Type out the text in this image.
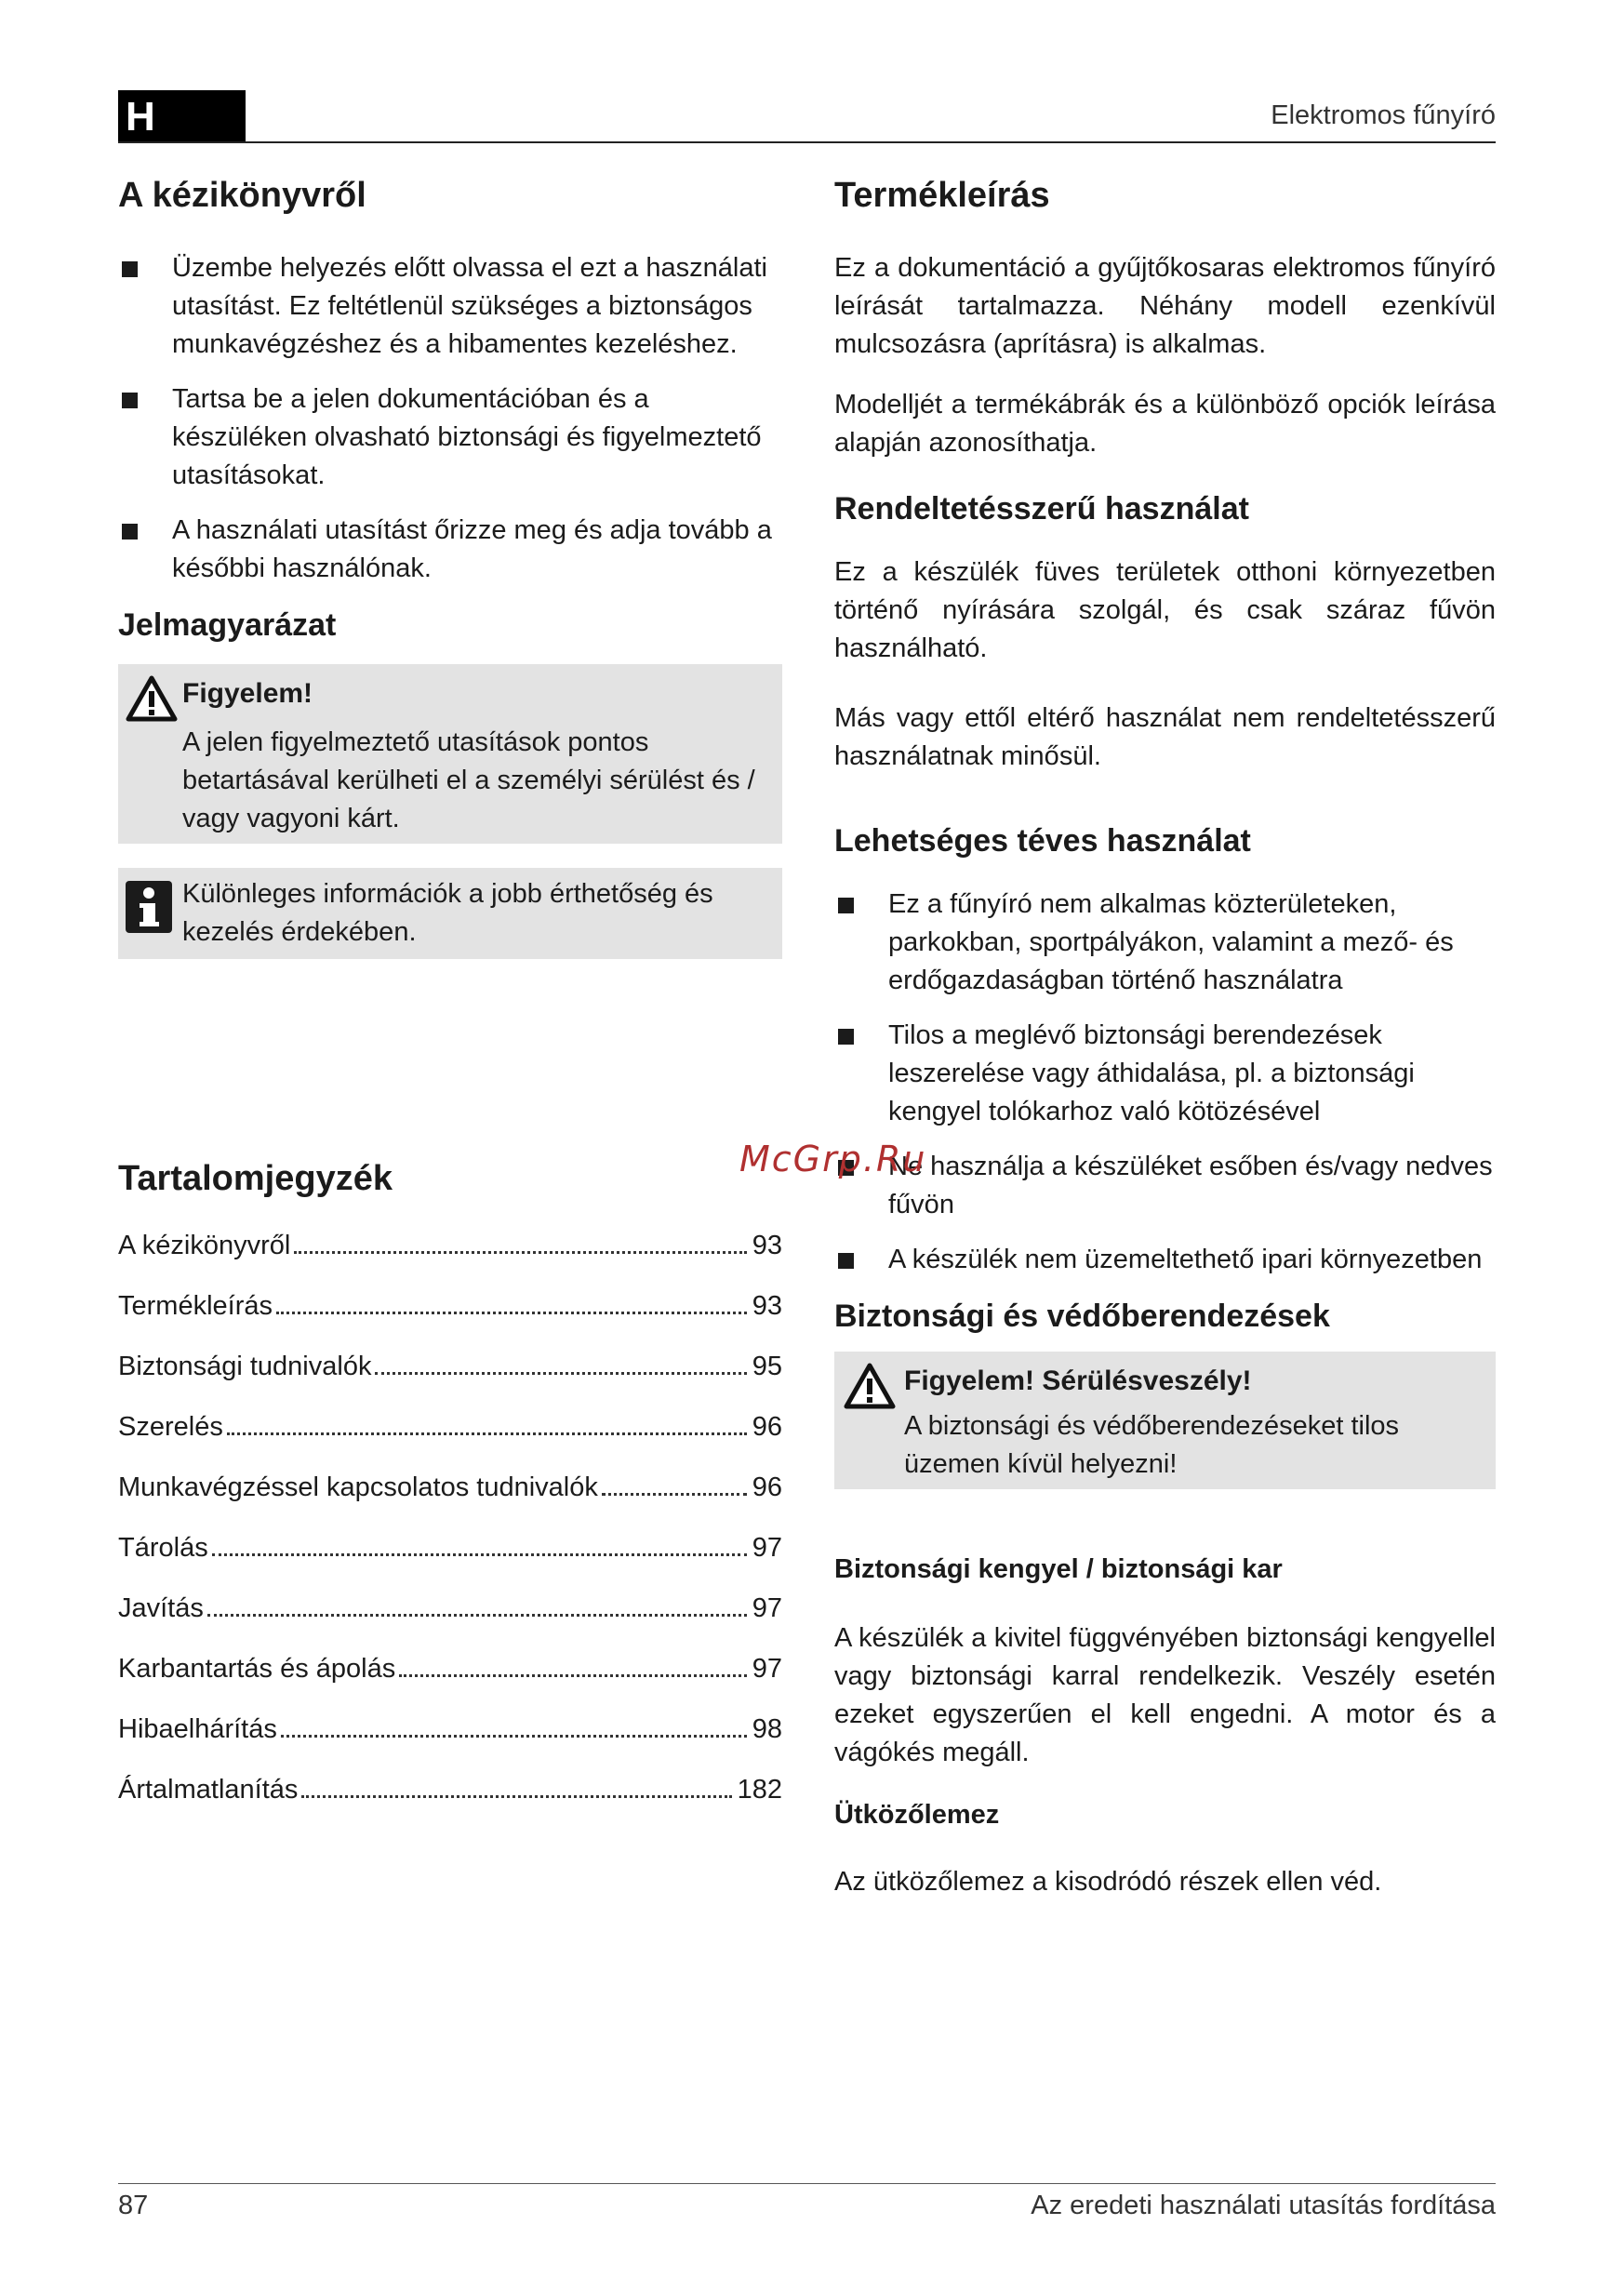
H	Elektromos fűnyíró
A kézikönyvről
Üzembe helyezés előtt olvassa el ezt a használati utasítást. Ez feltétlenül szükséges a biztonságos munkavégzéshez és a hibamentes kezeléshez.
Tartsa be a jelen dokumentációban és a készüléken olvasható biztonsági és figyelmeztető utasításokat.
A használati utasítást őrizze meg és adja tovább a későbbi használónak.
Jelmagyarázat
Figyelem!
A jelen figyelmeztető utasítások pontos betartásával kerülheti el a személyi sérülést és / vagy vagyoni kárt.
Különleges információk a jobb érthetőség és kezelés érdekében.
Tartalomjegyzék
A kézikönyvről	93
Termékleírás	93
Biztonsági tudnivalók	95
Szerelés	96
Munkavégzéssel kapcsolatos tudnivalók	96
Tárolás	97
Javítás	97
Karbantartás és ápolás	97
Hibaelhárítás	98
Ártalmatlanítás	182
Termékleírás

Ez a dokumentáció a gyűjtőkosaras elektromos fűnyíró leírását tartalmazza. Néhány modell ezenkívül mulcsozásra (aprításra) is alkalmas.

Modelljét a termékábrák és a különböző opciók leírása alapján azonosíthatja.

Rendeltetésszerű használat

Ez a készülék füves területek otthoni környezetben történő nyírására szolgál, és csak száraz fűvön használható.

Más vagy ettől eltérő használat nem rendeltetésszerű használatnak minősül.

Lehetséges téves használat
Ez a fűnyíró nem alkalmas közterületeken, parkokban, sportpályákon, valamint a mező- és erdőgazdaságban történő használatra
Tilos a meglévő biztonsági berendezések leszerelése vagy áthidalása, pl. a biztonsági kengyel tolókarhoz való kötözésével
Ne használja a készüléket esőben és/vagy nedves fűvön
A készülék nem üzemeltethető ipari környezetben
Biztonsági és védőberendezések
Figyelem! Sérülésveszély!
A biztonsági és védőberendezéseket tilos üzemen kívül helyezni!
Biztonsági kengyel / biztonsági kar

A készülék a kivitel függvényében biztonsági kengyellel vagy biztonsági karral rendelkezik. Veszély esetén ezeket egyszerűen el kell engedni. A motor és a vágókés megáll.

Ütközőlemez

Az ütközőlemez a kisodródó részek ellen véd.

McGrp.Ru
87	Az eredeti használati utasítás fordítása
